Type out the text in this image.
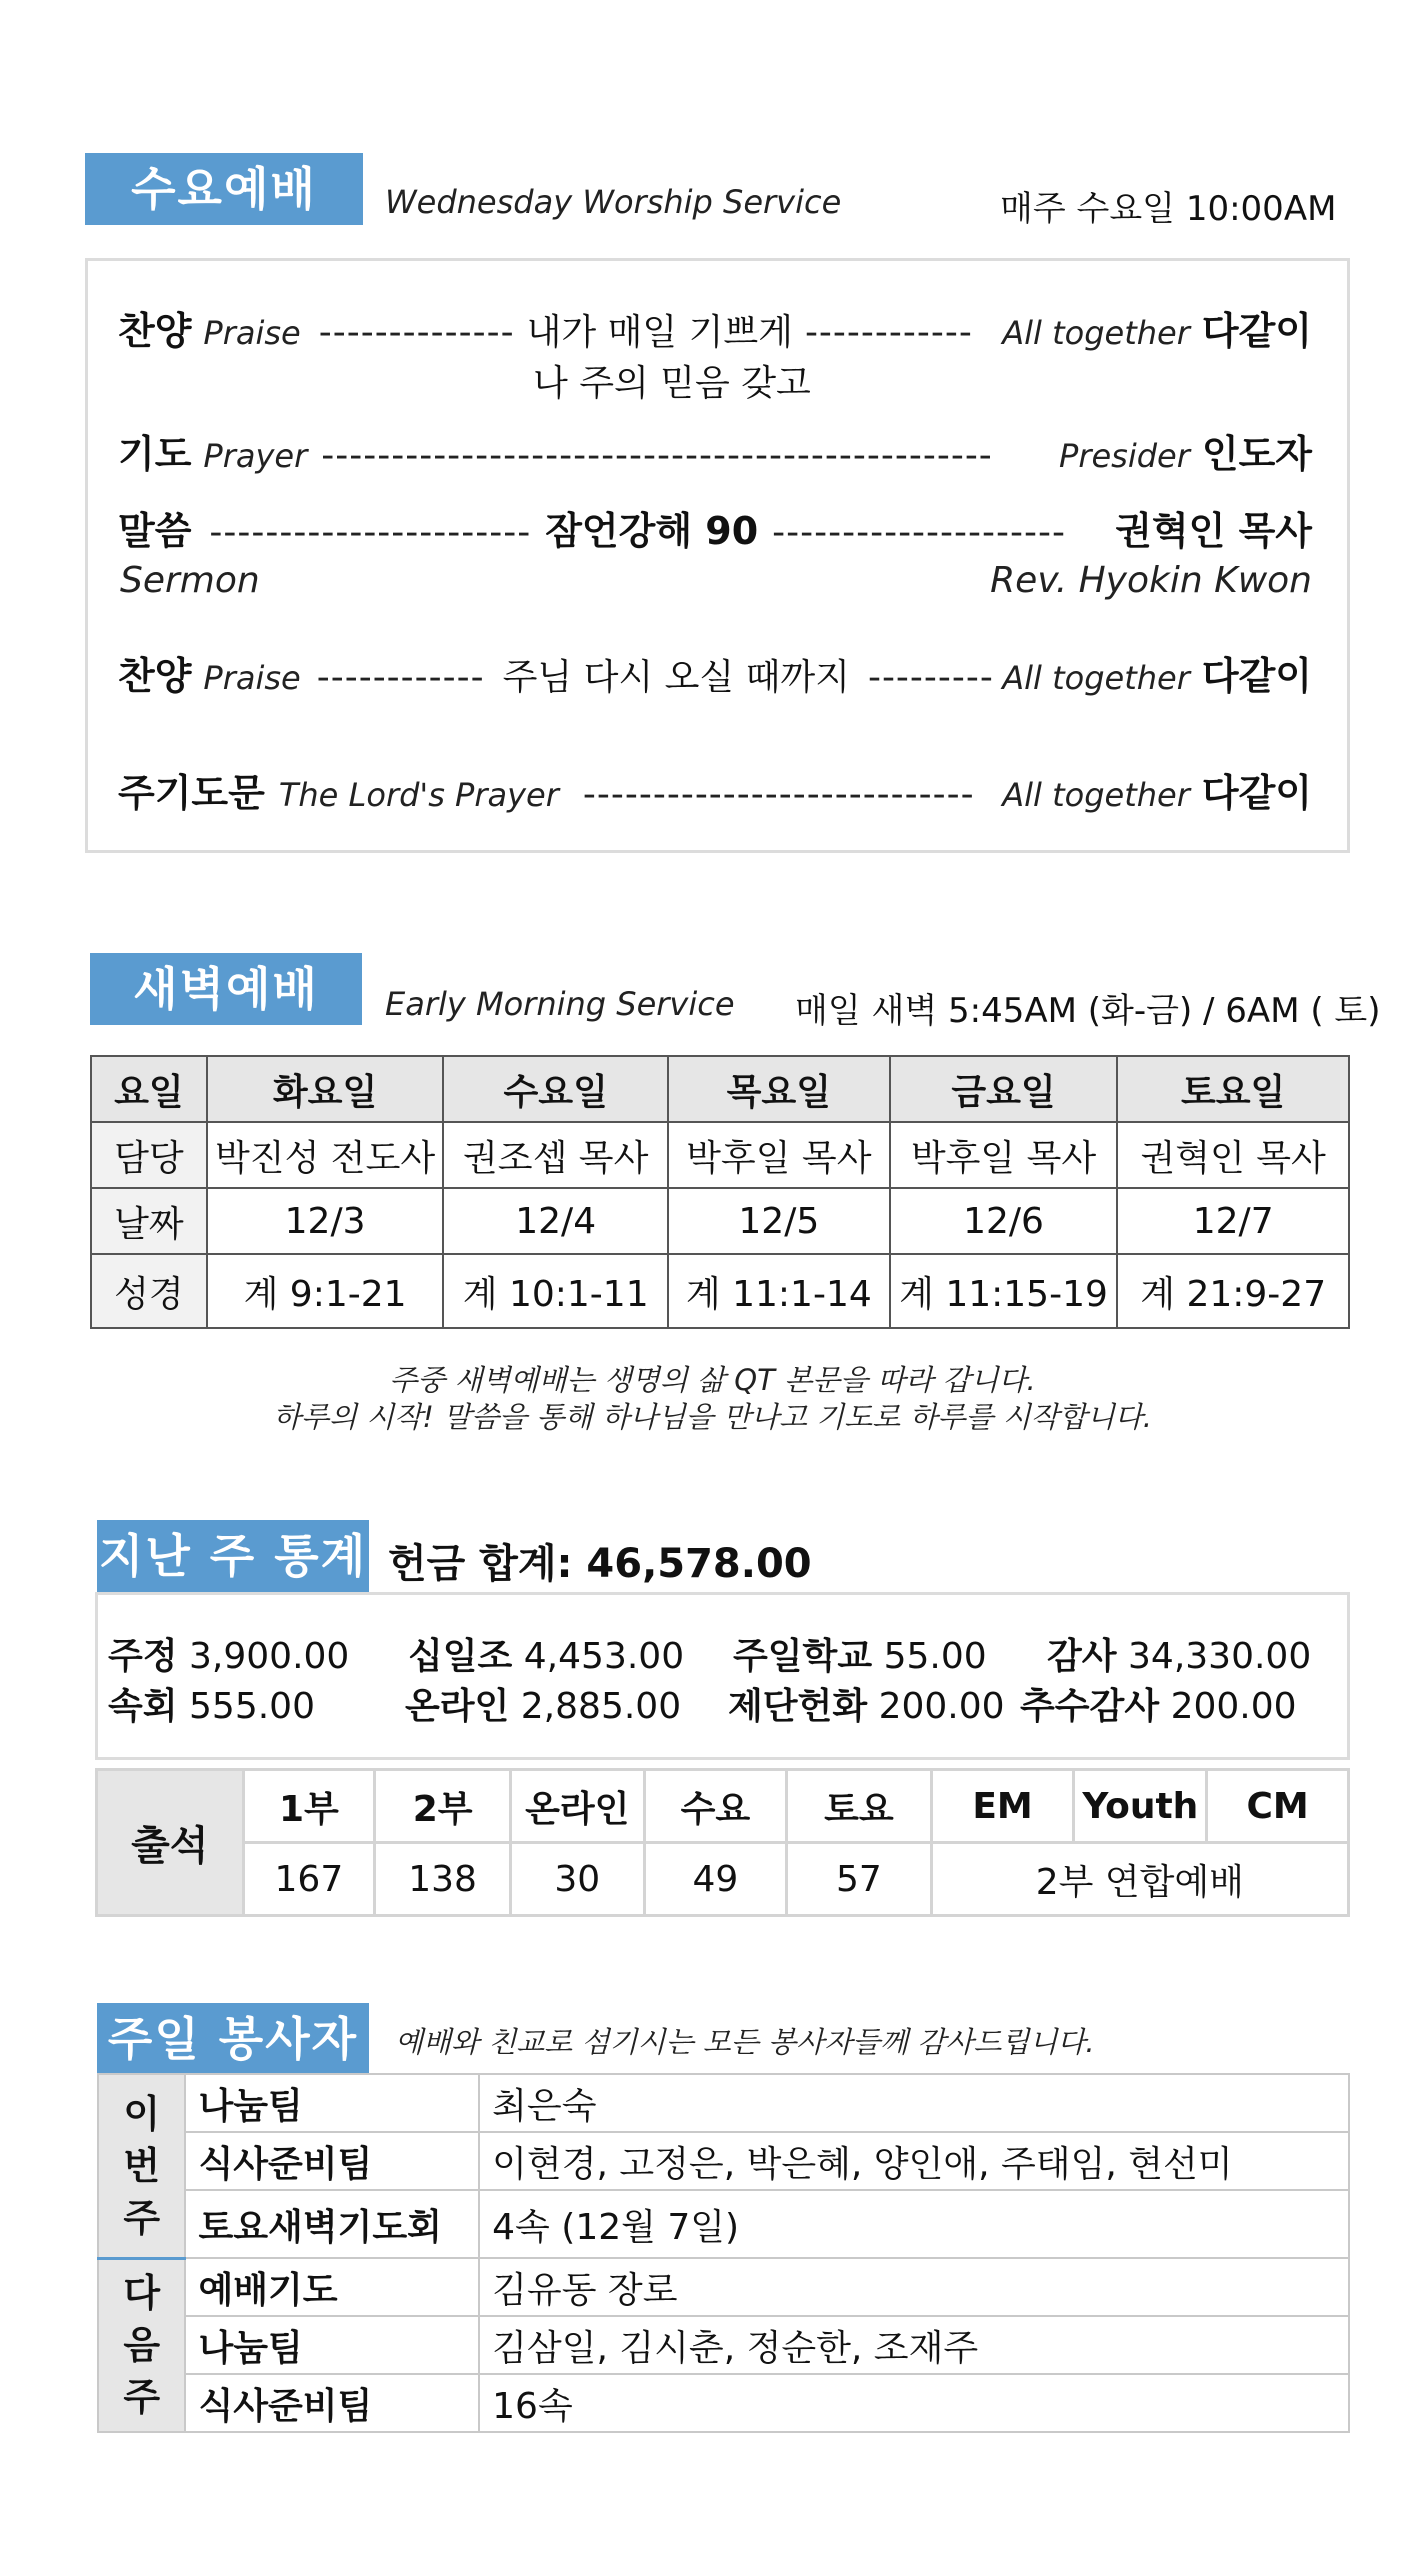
수요예배	Wednesday Worship Service	매주 수요일 10:00AM
찬양 Praise -------------- 내가 매일 기쁘게 ------------ All together 다같이
나 주의 믿음 갖고
기도 Prayer ------------------------------------------------ Presider 인도자
말씀 ----------------------- 잠언강해 90 --------------------- 권혁인 목사
Sermon	Rev. Hyokin Kwon
찬양 Praise ------------ 주님 다시 오실 때까지 --------- All together 다같이
주기도문 The Lord's Prayer ---------------------------- All together 다같이
새벽예배	Early Morning Service 매일 새벽 5:45AM (화-금) / 6AM ( 토)
요일	화요일	수요일	목요일	금요일	토요일
담당	박진성 전도사	권조셉 목사	박후일 목사	박후일 목사	권혁인 목사
날짜	12/3	12/4	12/5	12/6	12/7
성경	계 9:1-21	계 10:1-11	계 11:1-14	계 11:15-19	계 21:9-27
주중 새벽예배는 생명의 삶 QT 본문을 따라 갑니다.
하루의 시작! 말씀을 통해 하나님을 만나고 기도로 하루를 시작합니다.
지난 주 통계 헌금 합계: 46,578.00
주정 3,900.00 십일조 4,453.00 주일학교 55.00 감사 34,330.00
속회 555.00	온라인 2,885.00 제단헌화 200.00 추수감사 200.00
출석	1부	2부	온라인	수요	토요	EM	Youth	CM
	167	138	30	49	57	2부 연합예배		
주일 봉사자	예배와 친교로 섬기시는 모든 봉사자들께 감사드립니다.
이
번
주	나눔팀	최은숙
	식사준비팀	이현경, 고정은, 박은혜, 양인애, 주태임, 현선미
	토요새벽기도회	4속 (12월 7일)

다
음
주	예배기도	김유동 장로
	나눔팀	김삼일, 김시춘, 정순한, 조재주
	식사준비팀	16속
